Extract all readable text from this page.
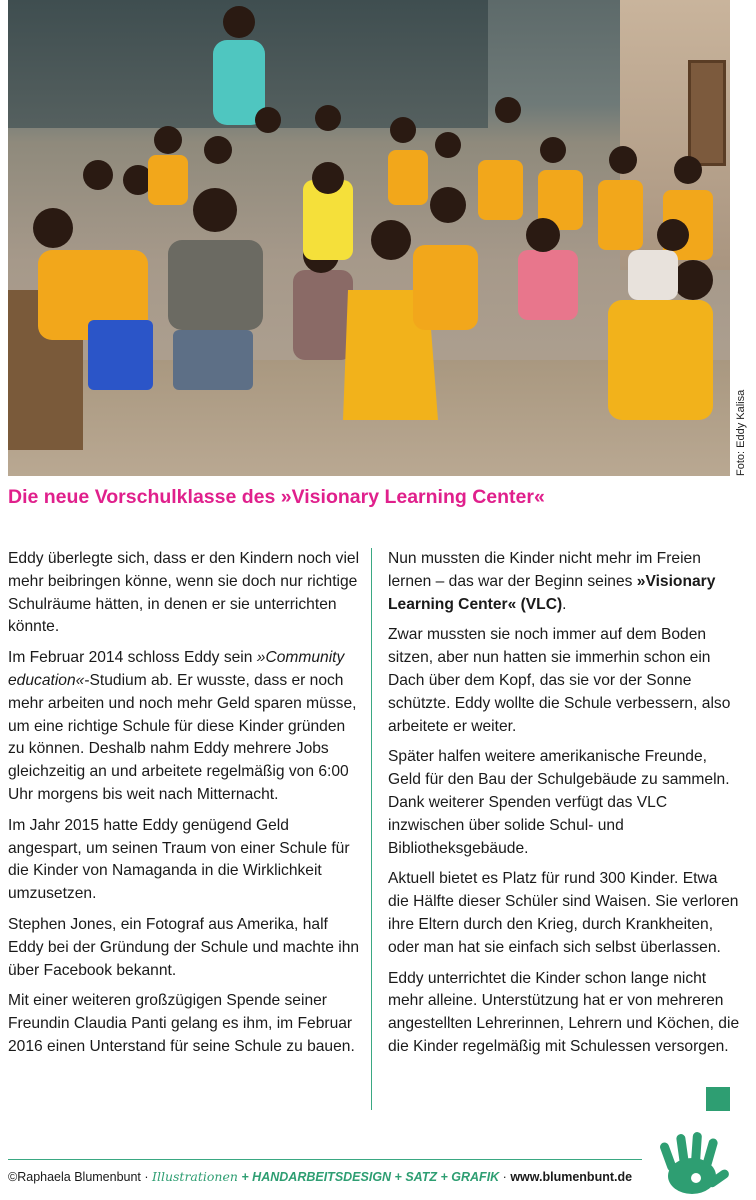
Foto: Eddy Kalisa
Die neue Vorschulklasse des »Visionary Learning Center«

Eddy überlegte sich, dass er den Kindern noch viel mehr beibringen könne, wenn sie doch nur richtige Schulräume hätten, in denen er sie unterrichten könnte.

Im Februar 2014 schloss Eddy sein »Community education«-Studium ab. Er wusste, dass er noch mehr arbeiten und noch mehr Geld sparen müsse, um eine richtige Schule für diese Kinder gründen zu können. Deshalb nahm Eddy mehrere Jobs gleichzeitig an und arbeitete regelmäßig von 6:00 Uhr morgens bis weit nach Mitternacht.

Im Jahr 2015 hatte Eddy genügend Geld angespart, um seinen Traum von einer Schule für die Kinder von Namaganda in die Wirklichkeit umzusetzen.

Stephen Jones, ein Fotograf aus Amerika, half Eddy bei der Gründung der Schule und machte ihn über Facebook bekannt.

Mit einer weiteren großzügigen Spende seiner Freundin Claudia Panti gelang es ihm, im Februar 2016 einen Unterstand für seine Schule zu bauen.

Nun mussten die Kinder nicht mehr im Freien lernen – das war der Beginn seines »Visionary Learning Center« (VLC).

Zwar mussten sie noch immer auf dem Boden sitzen, aber nun hatten sie immerhin schon ein Dach über dem Kopf, das sie vor der Sonne schützte. Eddy wollte die Schule verbessern, also arbeitete er weiter.

Später halfen weitere amerikanische Freunde, Geld für den Bau der Schulgebäude zu sammeln. Dank weiterer Spenden verfügt das VLC inzwischen über solide Schul- und Bibliotheksgebäude.

Aktuell bietet es Platz für rund 300 Kinder. Etwa die Hälfte dieser Schüler sind Waisen. Sie verloren ihre Eltern durch den Krieg, durch Krankheiten, oder man hat sie einfach sich selbst überlassen.

Eddy unterrichtet die Kinder schon lange nicht mehr alleine. Unterstützung hat er von mehreren angestellten Lehrerinnen, Lehrern und Köchen, die die Kinder regelmäßig mit Schulessen versorgen.

©Raphaela Blumenbunt · Illustrationen + HANDARBEITSDESIGN + SATZ + GRAFIK · www.blumenbunt.de
